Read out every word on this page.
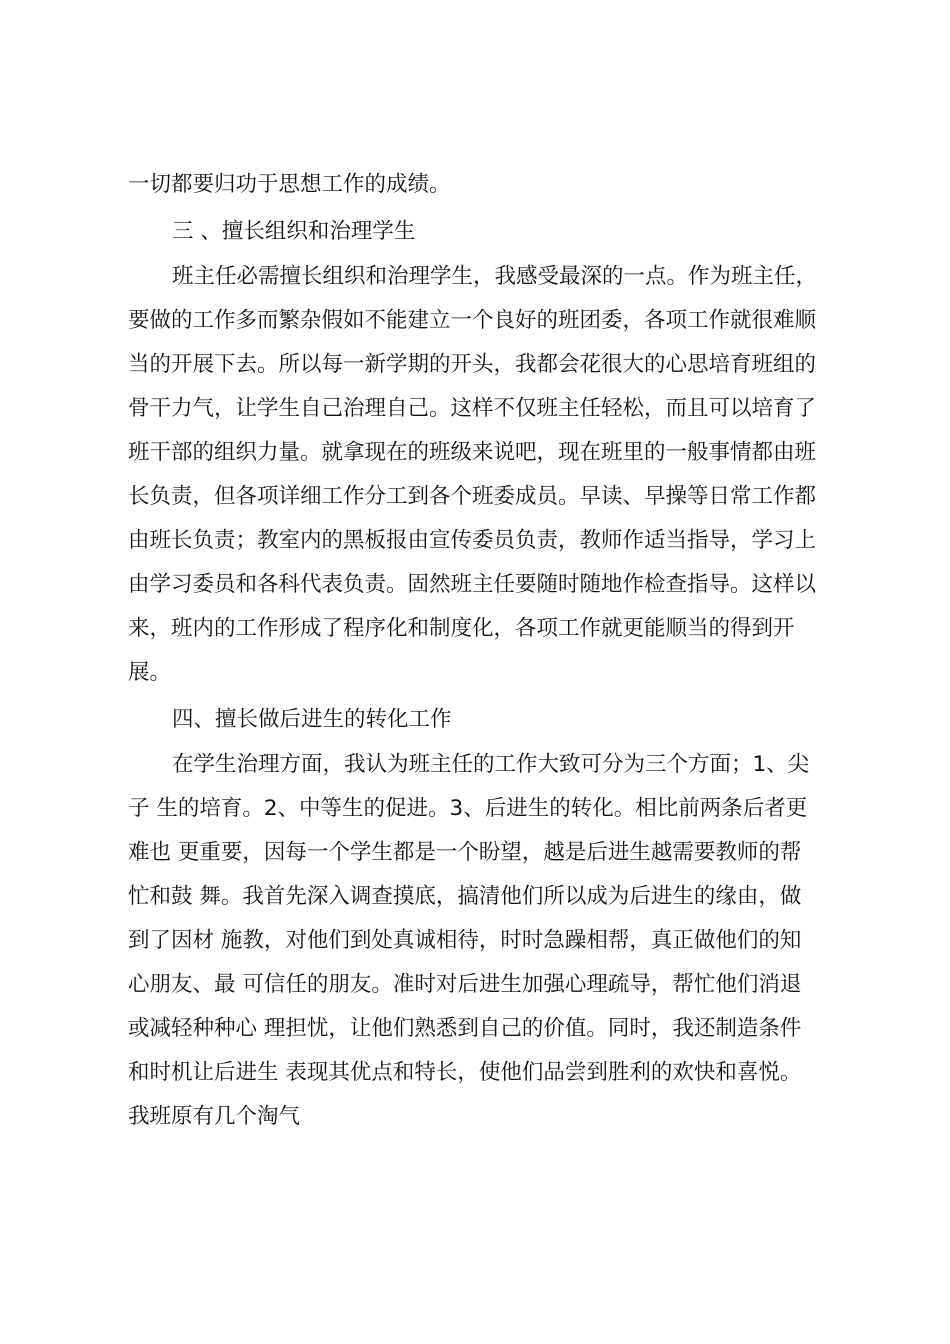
一切都要归功于思想工作的成绩。
三 、擅长组织和治理学生
班主任必需擅长组织和治理学生，我感受最深的一点。作为班主任，
要做的工作多而繁杂假如不能建立一个良好的班团委，各项工作就很难顺
当的开展下去。所以每一新学期的开头，我都会花很大的心思培育班组的
骨干力气，让学生自己治理自己。这样不仅班主任轻松，而且可以培育了
班干部的组织力量。就拿现在的班级来说吧，现在班里的一般事情都由班
长负责，但各项详细工作分工到各个班委成员。早读、早操等日常工作都
由班长负责；教室内的黑板报由宣传委员负责，教师作适当指导，学习上
由学习委员和各科代表负责。固然班主任要随时随地作检查指导。这样以
来，班内的工作形成了程序化和制度化，各项工作就更能顺当的得到开
展。
四、擅长做后进生的转化工作
在学生治理方面，我认为班主任的工作大致可分为三个方面；1、尖
子 生的培育。2、中等生的促进。3、后进生的转化。相比前两条后者更
难也 更重要，因每一个学生都是一个盼望，越是后进生越需要教师的帮
忙和鼓 舞。我首先深入调查摸底，搞清他们所以成为后进生的缘由，做
到了因材 施教，对他们到处真诚相待，时时急躁相帮，真正做他们的知
心朋友、最 可信任的朋友。准时对后进生加强心理疏导，帮忙他们消退
或减轻种种心 理担忧，让他们熟悉到自己的价值。同时，我还制造条件
和时机让后进生 表现其优点和特长，使他们品尝到胜利的欢快和喜悦。
我班原有几个淘气
